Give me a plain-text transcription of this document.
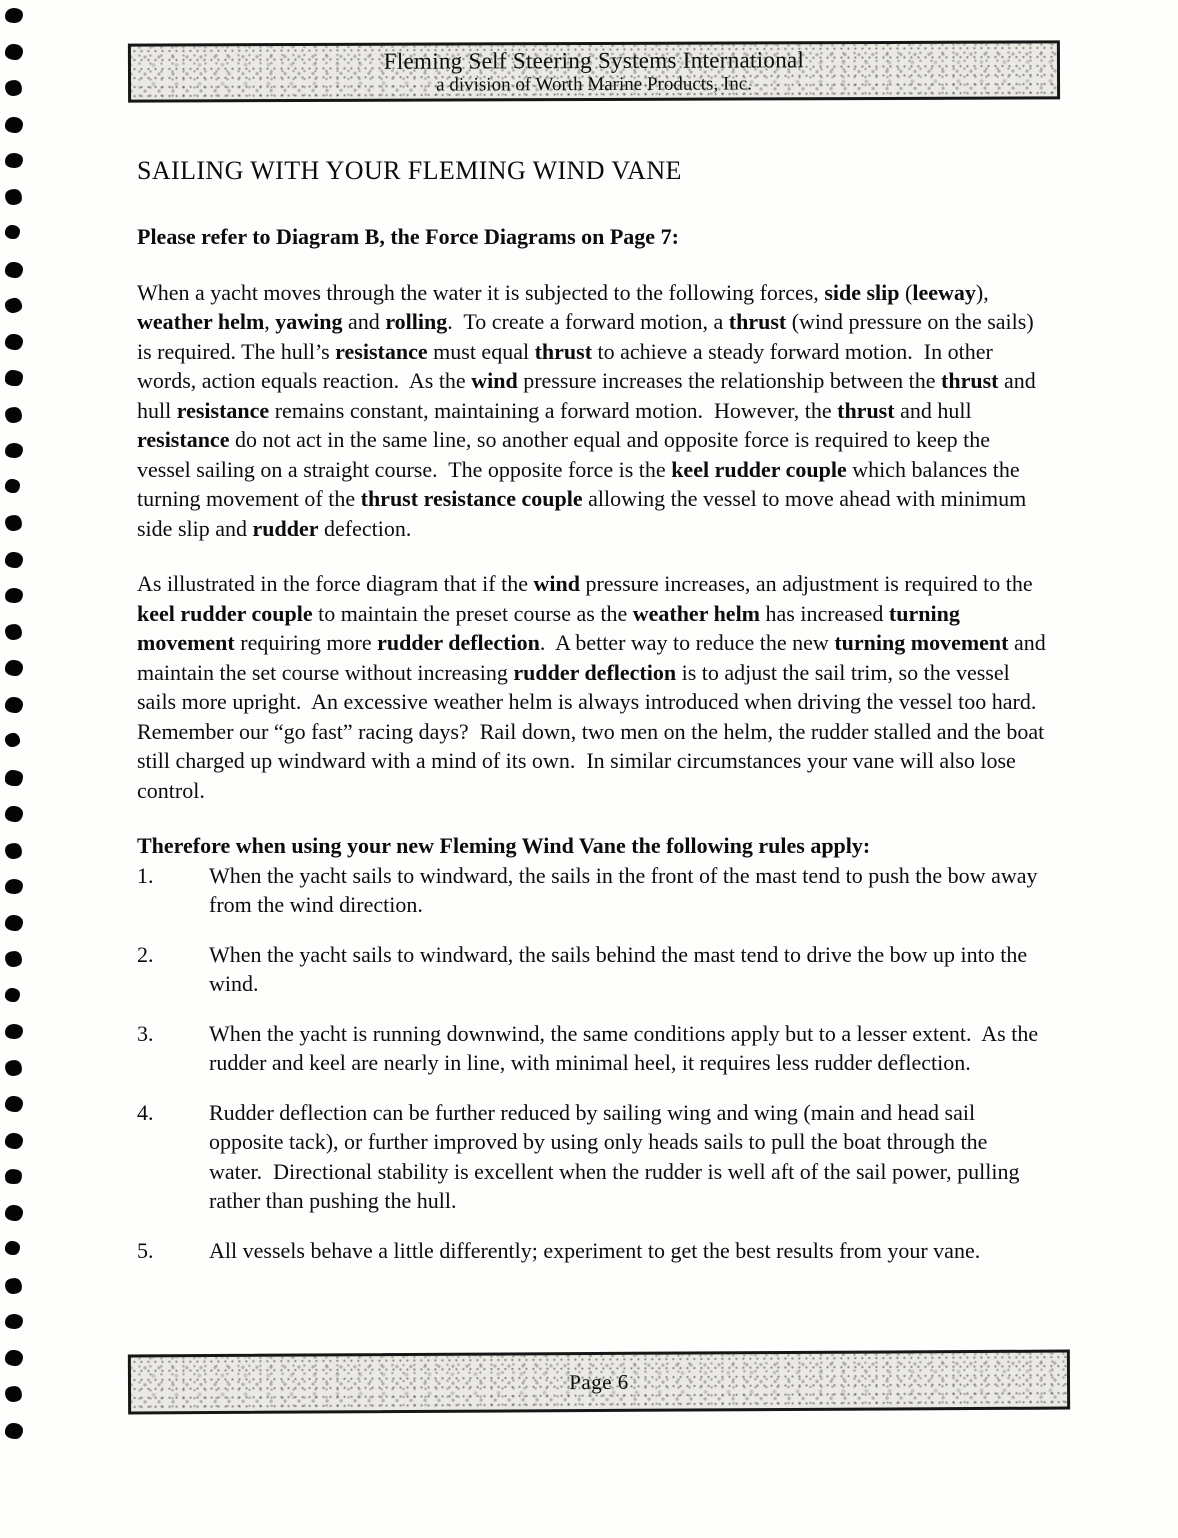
Fleming Self Steering Systems International
a division of Worth Marine Products, Inc.
SAILING WITH YOUR FLEMING WIND VANE
Please refer to Diagram B, the Force Diagrams on Page 7:
When a yacht moves through the water it is subjected to the following forces, side slip (leeway), weather helm, yawing and rolling.  To create a forward motion, a thrust (wind pressure on the sails) is required. The hull’s resistance must equal thrust to achieve a steady forward motion.  In other words, action equals reaction.  As the wind pressure increases the relationship between the thrust and hull resistance remains constant, maintaining a forward motion.  However, the thrust and hull resistance do not act in the same line, so another equal and opposite force is required to keep the vessel sailing on a straight course.  The opposite force is the keel rudder couple which balances the turning movement of the thrust resistance couple allowing the vessel to move ahead with minimum side slip and rudder defection.
As illustrated in the force diagram that if the wind pressure increases, an adjustment is required to the keel rudder couple to maintain the preset course as the weather helm has increased turning movement requiring more rudder deflection.  A better way to reduce the new turning movement and maintain the set course without increasing rudder deflection is to adjust the sail trim, so the vessel sails more upright.  An excessive weather helm is always introduced when driving the vessel too hard. Remember our “go fast” racing days?  Rail down, two men on the helm, the rudder stalled and the boat still charged up windward with a mind of its own.  In similar circumstances your vane will also lose control.
Therefore when using your new Fleming Wind Vane the following rules apply:
1.	When the yacht sails to windward, the sails in the front of the mast tend to push the bow away from the wind direction.
2.	When the yacht sails to windward, the sails behind the mast tend to drive the bow up into the wind.
3.	When the yacht is running downwind, the same conditions apply but to a lesser extent.  As the rudder and keel are nearly in line, with minimal heel, it requires less rudder deflection.
4.	Rudder deflection can be further reduced by sailing wing and wing (main and head sail opposite tack), or further improved by using only heads sails to pull the boat through the water.  Directional stability is excellent when the rudder is well aft of the sail power, pulling rather than pushing the hull.
5.	All vessels behave a little differently; experiment to get the best results from your vane.
Page 6
